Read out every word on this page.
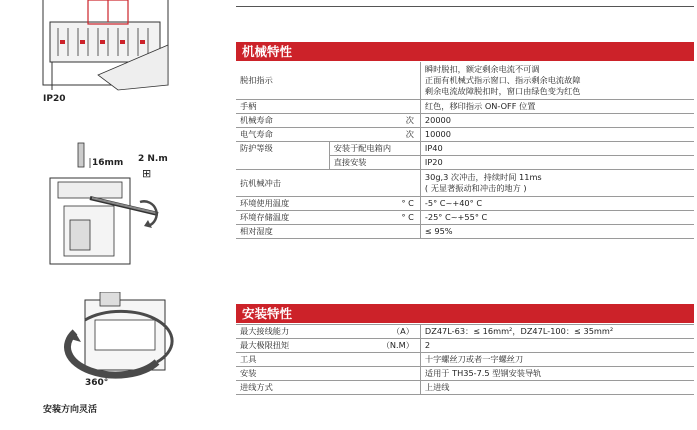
IP20
16mm 2 N.m
⊞
360°
安装方向灵活
机械特性
脱扣指示		瞬时脱扣，额定剩余电流不可调
正面有机械式指示窗口、指示剩余电流故障
剩余电流故障脱扣时，窗口由绿色变为红色

手柄		红色，移印指示 ON-OFF 位置
机械寿命	次	20000
电气寿命	次	10000
防护等级	安装于配电箱内	IP40
	直接安装	IP20
抗机械冲击		30g,3 次冲击，持续时间 11ms
( 无显著振动和冲击的地方 )

环境使用温度	° C	-5° C~+40° C
环境存储温度	° C	-25° C~+55° C
相对湿度		≤ 95%
安装特性
最大接线能力	（A）	DZ47L-63：≤ 16mm²，DZ47L-100：≤ 35mm²
最大极限扭矩	（N.M）	2
工具		十字螺丝刀或者一字螺丝刀
安装		适用于 TH35-7.5 型钢安装导轨
进线方式		上进线
